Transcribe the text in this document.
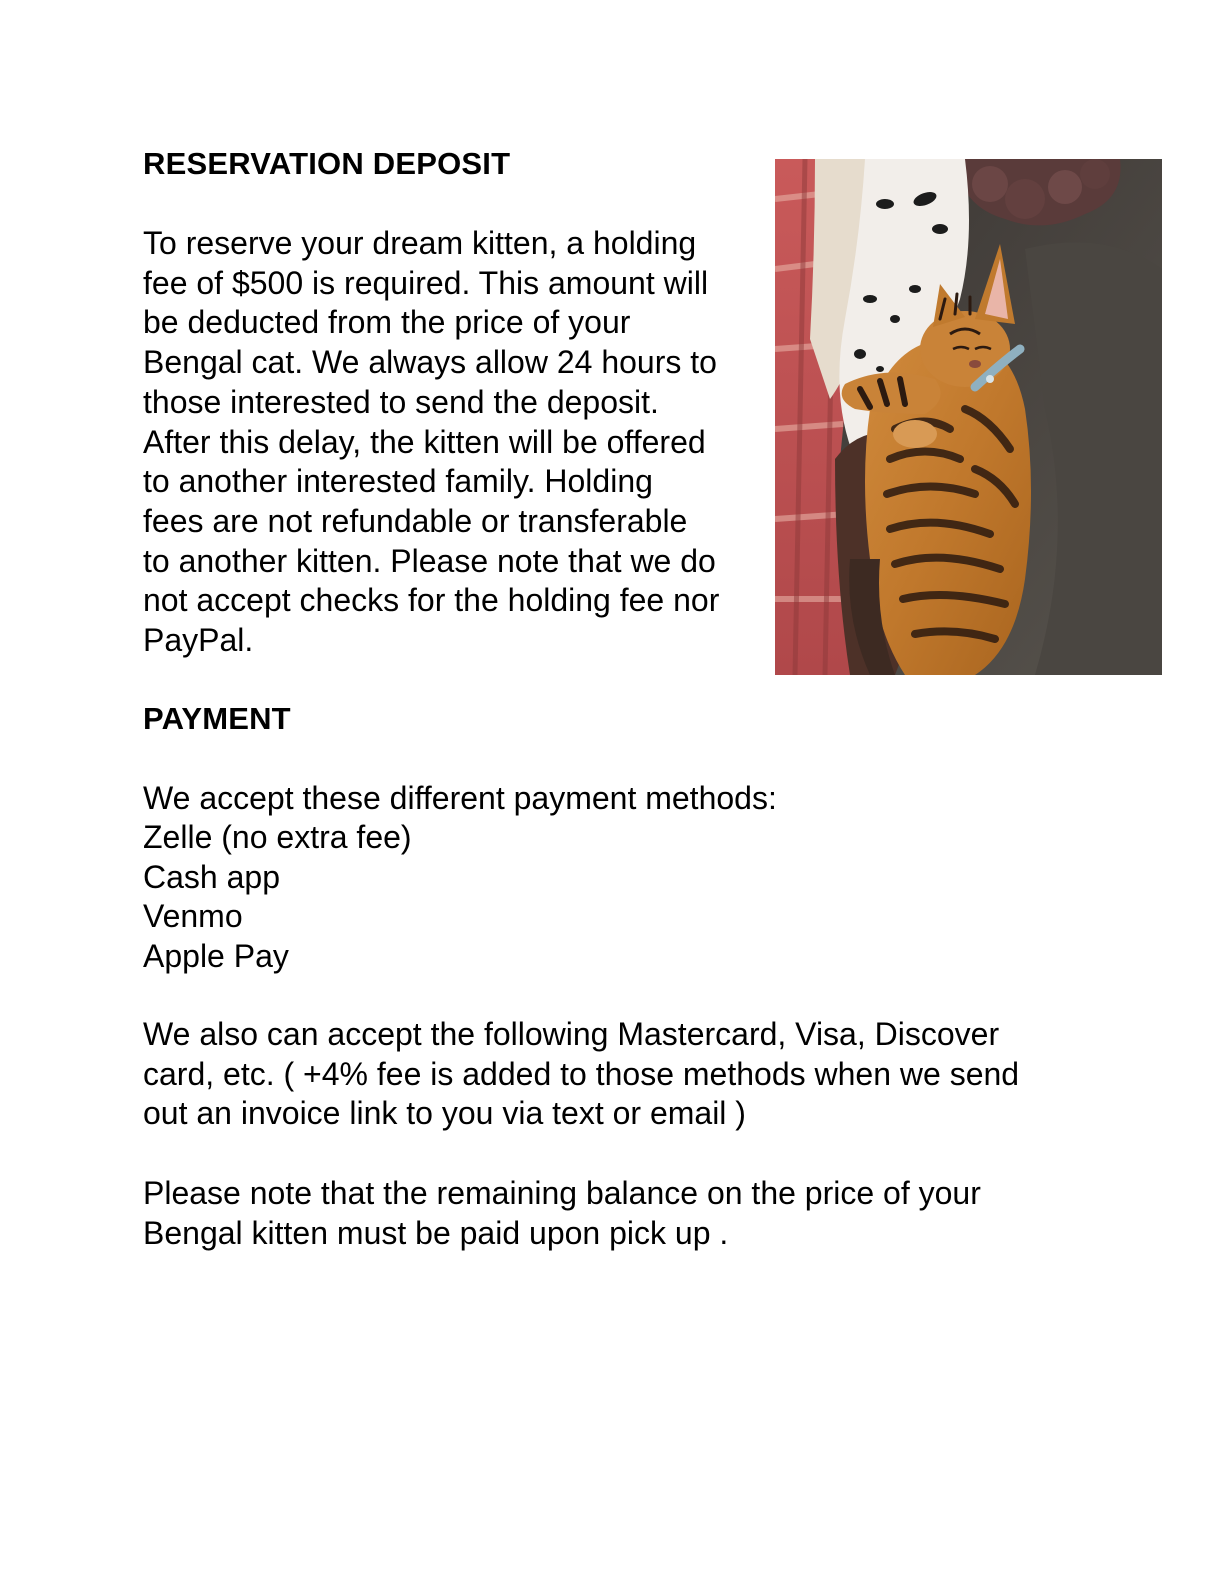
RESERVATION DEPOSIT

To reserve your dream kitten, a holding
fee of $500 is required. This amount will
be deducted from the price of your
Bengal cat. We always allow 24 hours to
those interested to send the deposit.
After this delay, the kitten will be offered
to another interested family. Holding
fees are not refundable or transferable
to another kitten. Please note that we do
not accept checks for the holding fee nor
PayPal.

PAYMENT

We accept these different payment methods:

Zelle (no extra fee)
Cash app
Venmo
Apple Pay

We also can accept the following Mastercard, Visa, Discover
card, etc. ( +4% fee is added to those methods when we send
out an invoice link to you via text or email )

Please note that the remaining balance on the price of your
Bengal kitten must be paid upon pick up .
